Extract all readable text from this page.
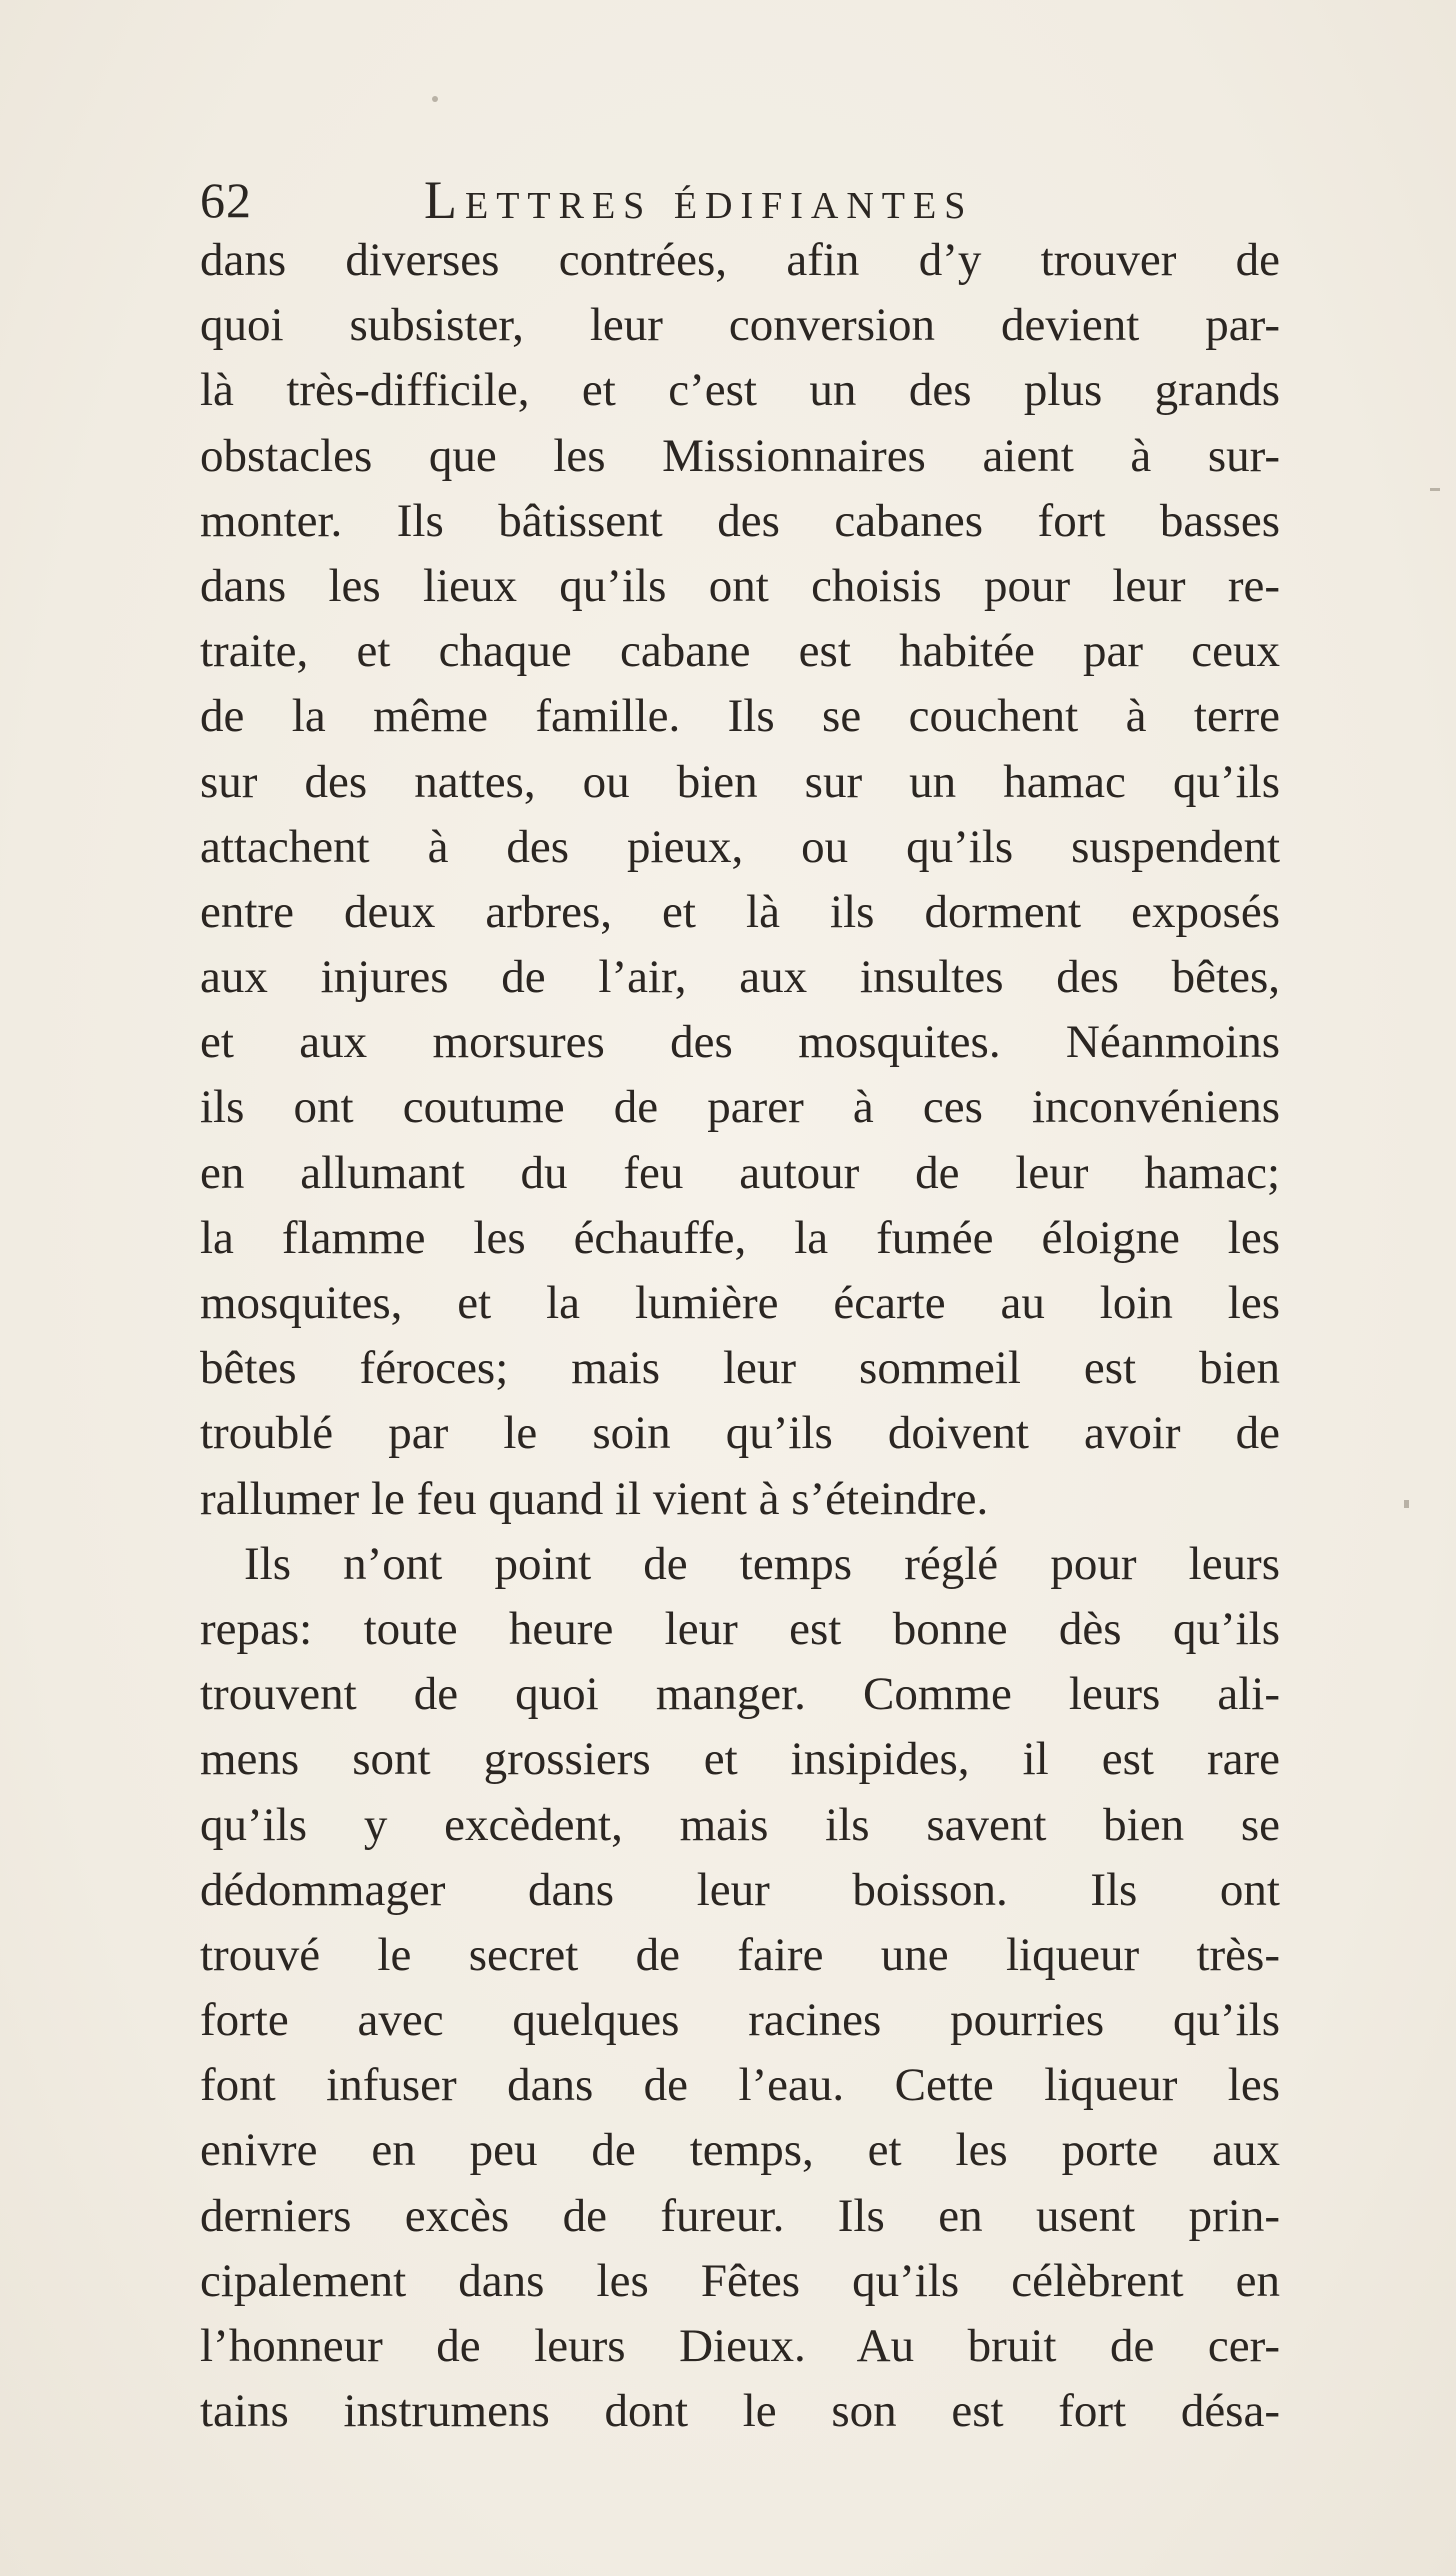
62	Lettres édifiantes
dans diverses contrées, afin d’y trouver de
quoi subsister, leur conversion devient par-
là très-difficile, et c’est un des plus grands
obstacles que les Missionnaires aient à sur-
monter. Ils bâtissent des cabanes fort basses
dans les lieux qu’ils ont choisis pour leur re-
traite, et chaque cabane est habitée par ceux
de la même famille. Ils se couchent à terre
sur des nattes, ou bien sur un hamac qu’ils
attachent à des pieux, ou qu’ils suspendent
entre deux arbres, et là ils dorment exposés
aux injures de l’air, aux insultes des bêtes,
et aux morsures des mosquites. Néanmoins
ils ont coutume de parer à ces inconvéniens
en allumant du feu autour de leur hamac;
la flamme les échauffe, la fumée éloigne les
mosquites, et la lumière écarte au loin les
bêtes féroces; mais leur sommeil est bien
troublé par le soin qu’ils doivent avoir de
rallumer le feu quand il vient à s’éteindre.
Ils n’ont point de temps réglé pour leurs
repas: toute heure leur est bonne dès qu’ils
trouvent de quoi manger. Comme leurs ali-
mens sont grossiers et insipides, il est rare
qu’ils y excèdent, mais ils savent bien se
dédommager dans leur boisson. Ils ont
trouvé le secret de faire une liqueur très-
forte avec quelques racines pourries qu’ils
font infuser dans de l’eau. Cette liqueur les
enivre en peu de temps, et les porte aux
derniers excès de fureur. Ils en usent prin-
cipalement dans les Fêtes qu’ils célèbrent en
l’honneur de leurs Dieux. Au bruit de cer-
tains instrumens dont le son est fort désa-
